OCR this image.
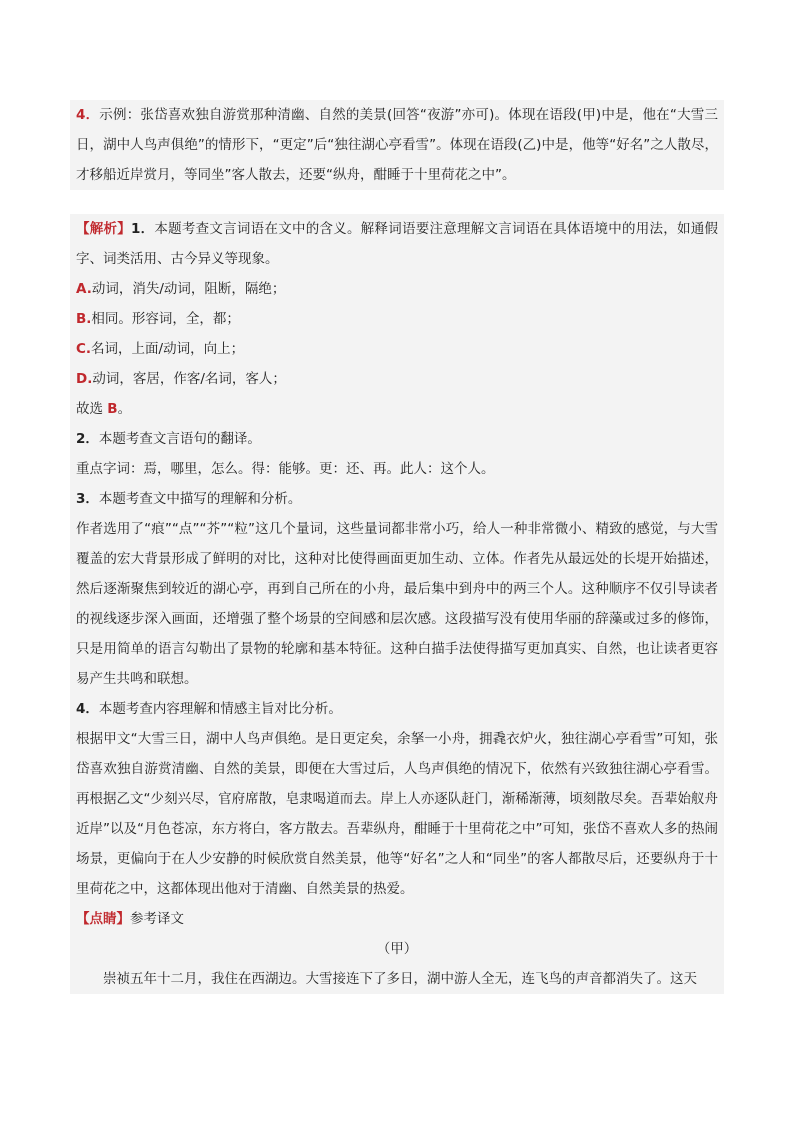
4．示例：张岱喜欢独自游赏那种清幽、自然的美景(回答“夜游”亦可)。体现在语段(甲)中是，他在“大雪三日，湖中人鸟声俱绝”的情形下，“更定”后“独往湖心亭看雪”。体现在语段(乙)中是，他等“好名”之人散尽，才移船近岸赏月，等同坐”客人散去，还要“纵舟，酣睡于十里荷花之中”。

【解析】1．本题考查文言词语在文中的含义。解释词语要注意理解文言词语在具体语境中的用法，如通假字、词类活用、古今异义等现象。

A.动词，消失/动词，阻断，隔绝；

B.相同。形容词，全，都；

C.名词，上面/动词，向上；

D.动词，客居，作客/名词，客人；

故选 B。

2．本题考查文言语句的翻译。

重点字词：焉，哪里，怎么。得：能够。更：还、再。此人：这个人。

3．本题考查文中描写的理解和分析。

作者选用了“痕”“点”“芥”“粒”这几个量词，这些量词都非常小巧，给人一种非常微小、精致的感觉，与大雪覆盖的宏大背景形成了鲜明的对比，这种对比使得画面更加生动、立体。作者先从最远处的长堤开始描述，然后逐渐聚焦到较近的湖心亭，再到自己所在的小舟，最后集中到舟中的两三个人。这种顺序不仅引导读者的视线逐步深入画面，还增强了整个场景的空间感和层次感。这段描写没有使用华丽的辞藻或过多的修饰，只是用简单的语言勾勒出了景物的轮廓和基本特征。这种白描手法使得描写更加真实、自然，也让读者更容易产生共鸣和联想。

4．本题考查内容理解和情感主旨对比分析。

根据甲文“大雪三日，湖中人鸟声俱绝。是日更定矣，余拏一小舟，拥毳衣炉火，独往湖心亭看雪”可知，张岱喜欢独自游赏清幽、自然的美景，即便在大雪过后，人鸟声俱绝的情况下，依然有兴致独往湖心亭看雪。再根据乙文“少刻兴尽，官府席散，皂隶喝道而去。岸上人亦逐队赶门，渐稀渐薄，顷刻散尽矣。吾辈始舣舟近岸”以及“月色苍凉，东方将白，客方散去。吾辈纵舟，酣睡于十里荷花之中”可知，张岱不喜欢人多的热闹场景，更偏向于在人少安静的时候欣赏自然美景，他等“好名”之人和“同坐”的客人都散尽后，还要纵舟于十里荷花之中，这都体现出他对于清幽、自然美景的热爱。

【点睛】参考译文

（甲）

崇祯五年十二月，我住在西湖边。大雪接连下了多日，湖中游人全无，连飞鸟的声音都消失了。这天
